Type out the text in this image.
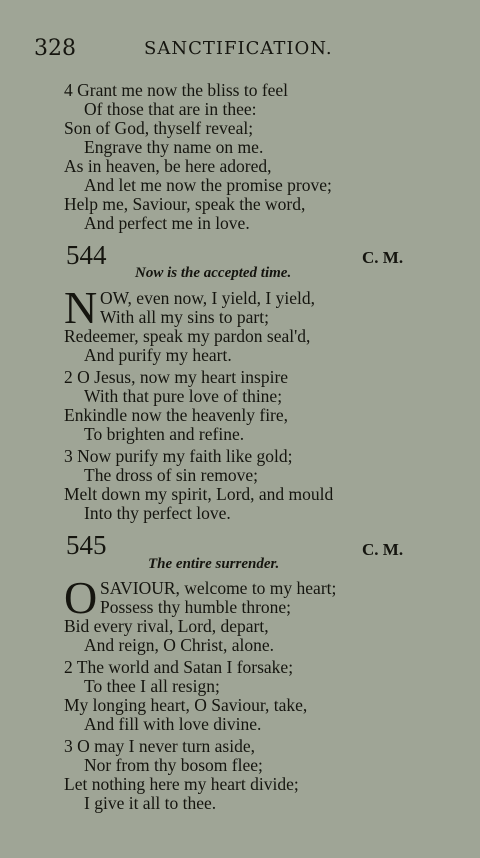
328	SANCTIFICATION.
4 Grant me now the bliss to feel
Of those that are in thee:
Son of God, thyself reveal;
Engrave thy name on me.
As in heaven, be here adored,
And let me now the promise prove;
Help me, Saviour, speak the word,
And perfect me in love.
544	C. M.
Now is the accepted time.
N OW, even now, I yield, I yield,
With all my sins to part;
Redeemer, speak my pardon seal'd,
And purify my heart.
2 O Jesus, now my heart inspire
With that pure love of thine;
Enkindle now the heavenly fire,
To brighten and refine.
3 Now purify my faith like gold;
The dross of sin remove;
Melt down my spirit, Lord, and mould
Into thy perfect love.
545	C. M.
The entire surrender.
O SAVIOUR, welcome to my heart;
Possess thy humble throne;
Bid every rival, Lord, depart,
And reign, O Christ, alone.
2 The world and Satan I forsake;
To thee I all resign;
My longing heart, O Saviour, take,
And fill with love divine.
3 O may I never turn aside,
Nor from thy bosom flee;
Let nothing here my heart divide;
I give it all to thee.
